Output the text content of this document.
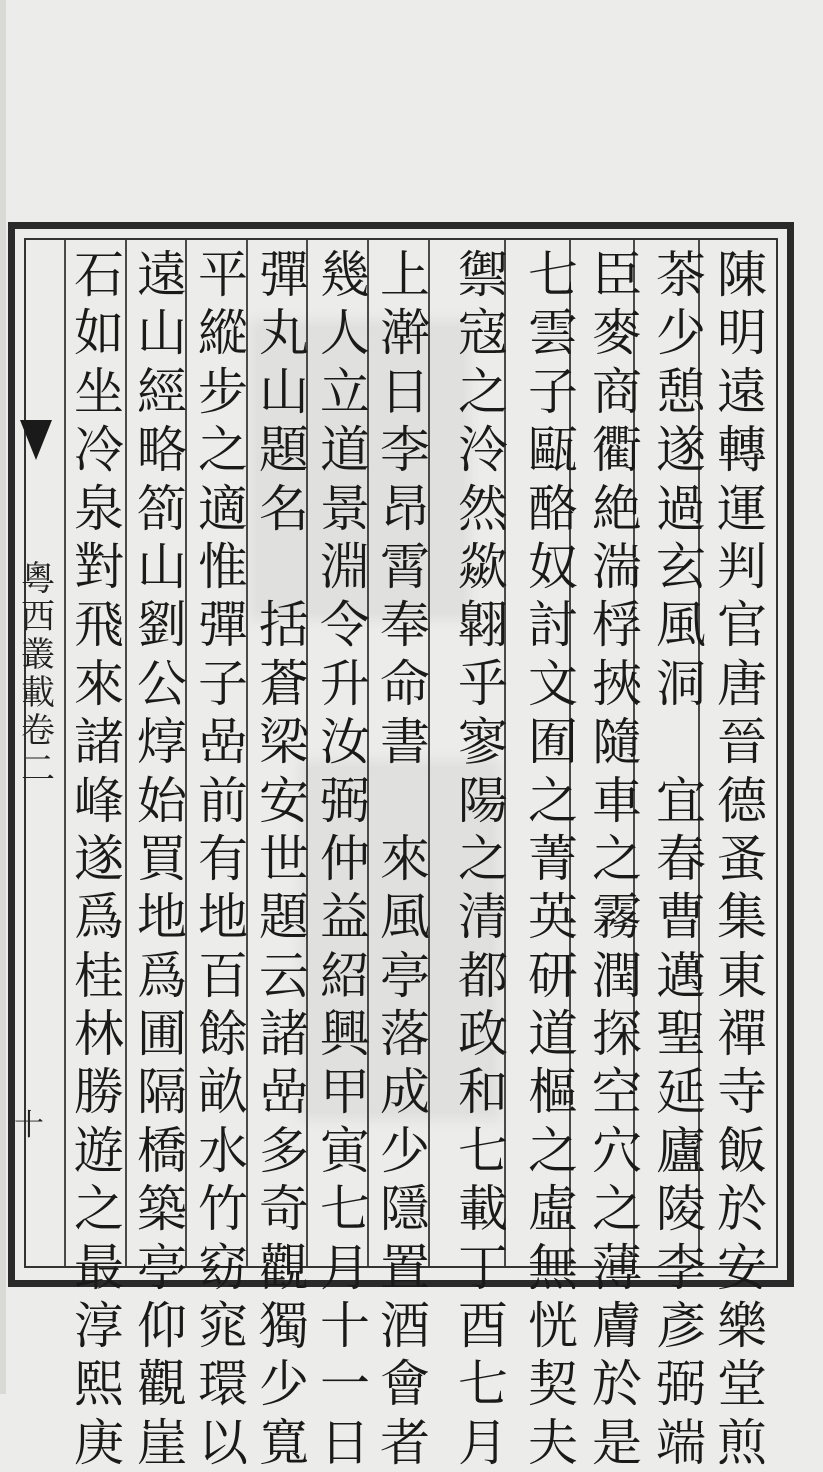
陳
明
遠
轉
運
判
官
唐
晉
德
蚤
集
東
禪
寺
飯
於
安
樂
堂
煎
茶
少
憩
遂
過
玄
風
洞

宜
春
曹
邁
聖
延
廬
陵
李
彥
弼
端
臣
麥
商
衢
絶
湍
桴
挾
隨
車
之
霧
潤
探
空
穴
之
薄
膚
於
是
七
雲
子
甌
酪
奴
討
文
囿
之
菁
英
研
道
樞
之
虛
無
恍
契
夫
禦
寇
之
泠
然
歘
翺
乎
寥
陽
之
清
都
政
和
七
載
丁
酉
七
月
上
澣
日
李
昂
霄
奉
命
書

來
風
亭
落
成
少
隱
置
酒
會
者
幾
人
立
道
景
淵
令
升
汝
弼
仲
益
紹
興
甲
寅
七
月
十
一
日
彈
丸
山
題
名

括
蒼
梁
安
世
題
云
諸
嵒
多
奇
觀
獨
少
寬
平
縱
步
之
適
惟
彈
子
嵒
前
有
地
百
餘
畝
水
竹
窈
窕
環
以
遠
山
經
略
箚
山
劉
公
焞
始
買
地
爲
圃
隔
橋
築
亭
仰
觀
崖
石
如
坐
冷
泉
對
飛
來
諸
峰
遂
爲
桂
林
勝
遊
之
最
淳
熙
庚
粵
西
叢
載
卷
二
十
